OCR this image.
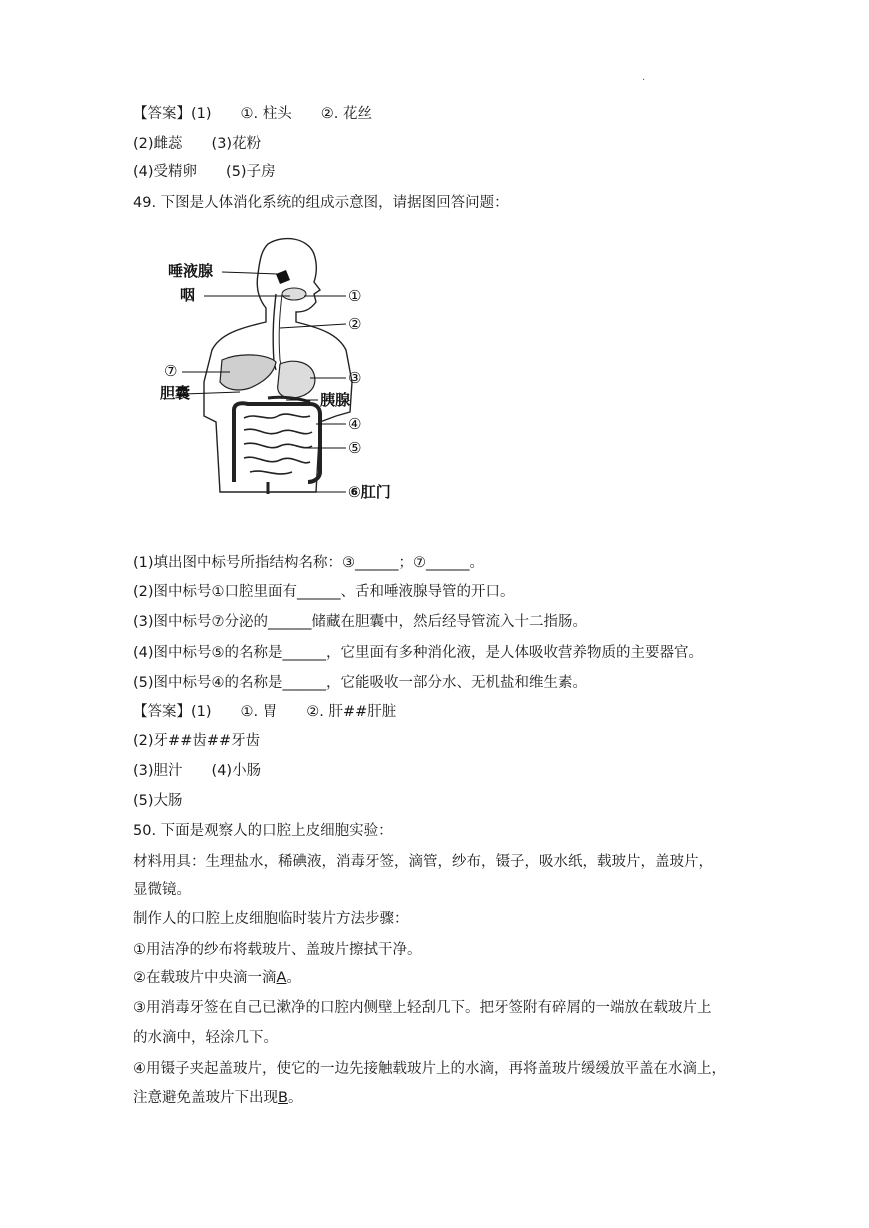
.
【答案】(1)　　①. 柱头　　②. 花丝
(2)雌蕊　　(3)花粉
(4)受精卵　　(5)子房
49. 下图是人体消化系统的组成示意图，请据图回答问题：
唾液腺
咽
⑦
胆囊
①
②
③
胰腺
④
⑤
⑥肛门
(1)填出图中标号所指结构名称：③______；⑦______。
(2)图中标号①口腔里面有______、舌和唾液腺导管的开口。
(3)图中标号⑦分泌的______储藏在胆囊中，然后经导管流入十二指肠。
(4)图中标号⑤的名称是______，它里面有多种消化液，是人体吸收营养物质的主要器官。
(5)图中标号④的名称是______，它能吸收一部分水、无机盐和维生素。
【答案】(1)　　①. 胃　　②. 肝##肝脏
(2)牙##齿##牙齿
(3)胆汁　　(4)小肠
(5)大肠
50. 下面是观察人的口腔上皮细胞实验：
材料用具：生理盐水，稀碘液，消毒牙签，滴管，纱布，镊子，吸水纸，载玻片，盖玻片，
显微镜。
制作人的口腔上皮细胞临时装片方法步骤：
①用洁净的纱布将载玻片、盖玻片擦拭干净。
②在载玻片中央滴一滴A。
③用消毒牙签在自己已漱净的口腔内侧壁上轻刮几下。把牙签附有碎屑的一端放在载玻片上
的水滴中，轻涂几下。
④用镊子夹起盖玻片，使它的一边先接触载玻片上的水滴，再将盖玻片缓缓放平盖在水滴上，
注意避免盖玻片下出现B。
